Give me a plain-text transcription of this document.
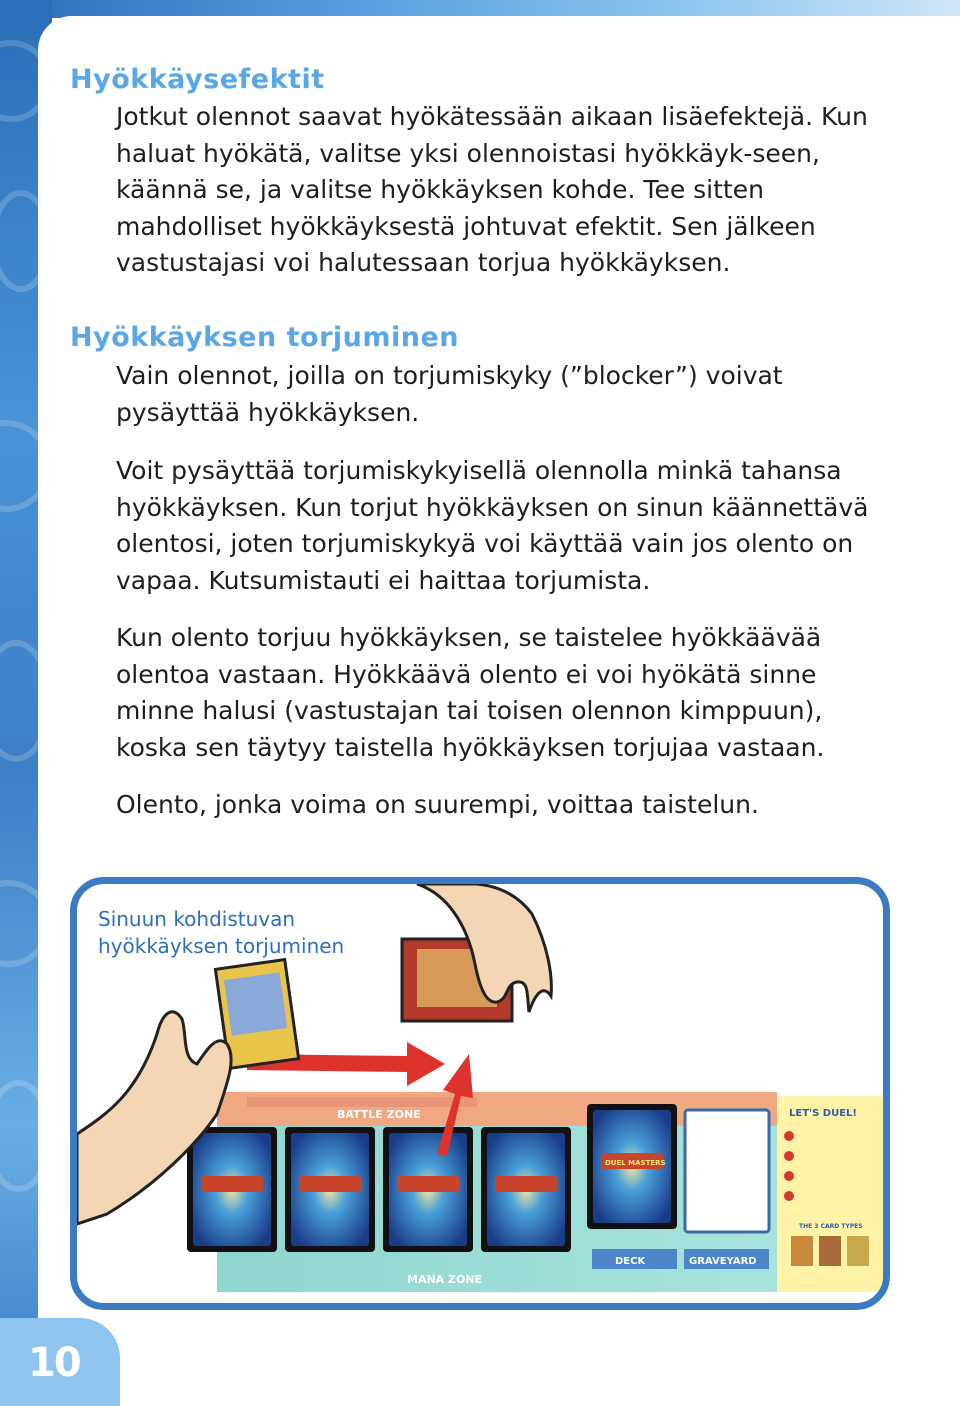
Hyökkäysefektit

Jotkut olennot saavat hyökätessään aikaan lisäefektejä. Kun haluat hyökätä, valitse yksi olennoistasi hyökkäyk-seen, käännä se, ja valitse hyökkäyksen kohde. Tee sitten mahdolliset hyökkäyksestä johtuvat efektit. Sen jälkeen vastustajasi voi halutessaan torjua hyökkäyksen.

Hyökkäyksen torjuminen

Vain olennot, joilla on torjumiskyky (”blocker”) voivat pysäyttää hyökkäyksen.

Voit pysäyttää torjumiskykyisellä olennolla minkä tahansa hyökkäyksen. Kun torjut hyökkäyksen on sinun käännettävä olentosi, joten torjumiskykyä voi käyttää vain jos olento on vapaa. Kutsumistauti ei haittaa torjumista.

Kun olento torjuu hyökkäyksen, se taistelee hyökkäävää olentoa vastaan. Hyökkäävä olento ei voi hyökätä sinne minne halusi (vastustajan tai toisen olennon kimppuun), koska sen täytyy taistella hyökkäyksen torjujaa vastaan.

Olento, jonka voima on suurempi, voittaa taistelun.

BATTLE ZONE
MANA ZONE
DECK	GRAVEYARD
DUEL MASTERS
LET'S DUEL!
THE 3 CARD TYPES

Sinuun kohdistuvan hyökkäyksen torjuminen

10
